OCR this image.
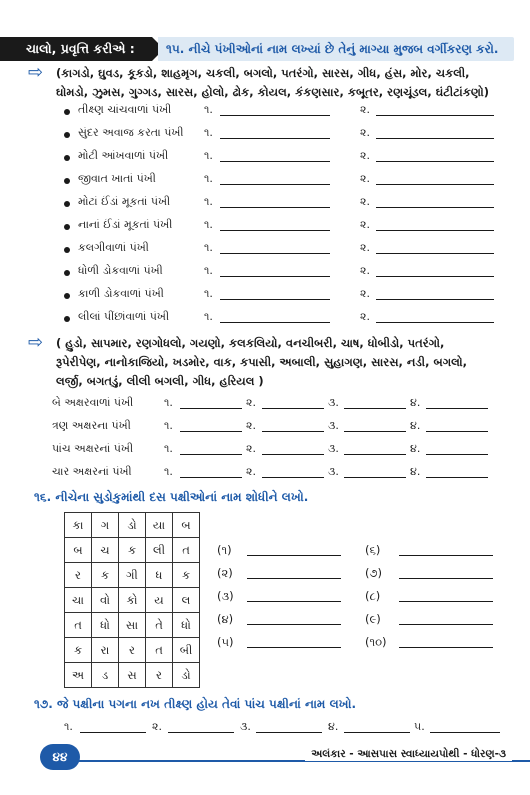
ચાલો, પ્રવૃત્તિ કરીએ :	૧૫. નીચે પંખીઓનાં નામ લખ્યાં છે તેનું માગ્યા મુજબ વર્ગીકરણ કરો.
⇨ (કાગડો, ઘુવડ, કૂકડો, શાહમૃગ, ચકલી, બગલો, પતરંગો, સારસ, ગીધ, હંસ, મોર, ચકલી,
ઘોમડો, ઝુમસ, ગુગ્ગડ, સારસ, હોલો, ઢોક, કોયલ, કંકણસાર, કબૂતર, રણચૂંડલ, ઘંટીટાંકણો)
તીક્ષ્ણ ચાંચવાળાં પંખી	૧.	૨.
સુંદર અવાજ કરતા પંખી ૧.	૨.
મોટી આંખવાળાં પંખી	૧.	૨.
જીવાત ખાતાં પંખી	૧.	૨.
મોટાં ઈંડાં મૂકતાં પંખી	૧.	૨.
નાનાં ઈંડાં મૂકતાં પંખી	૧.	૨.
કલગીવાળાં પંખી	૧.	૨.
ધોળી ડોકવાળાં પંખી	૧.	૨.
કાળી ડોકવાળાં પંખી	૧.	૨.
લીલાં પીંછાંવાળાં પંખી	૧.	૨.
⇨ ( હુડો, સાપમાર, રણગોધલો, ગયણો, કલકલિયો, વનચીબરી, ચાષ, ધોબીડો, પતરંગો,
રૂપેરીપેણ, નાનોકાજિયો, ખડમોર, વાક, કપાસી, અબાલી, સુહાગણ, સારસ, નડી, બગલો,
લર્જી, બગતડું, લીલી બગલી, ગીધ, હરિયલ )
બે અક્ષરવાળાં પંખી	૧.	૨.	૩.	૪.
ત્રણ અક્ષરના પંખી	૧.	૨.	૩.	૪.
પાંચ અક્ષરનાં પંખી	૧.	૨.	૩.	૪.
ચાર અક્ષરનાં પંખી	૧.	૨.	૩.	૪.
૧૬. નીચેના સુડોકુમાંથી દસ પક્ષીઓનાં નામ શોધીને લખો.
કા	ગ	ડો	યા	બ
બ	ચ	ક	લી	ત
ર	ક	ગી	ધ	ક
ચા	વો	કો	ય	લ
ત	ધો	સા	તે	ધો
ક	રા	ર	ત	બી
અ	ડ	સ	ર	ડો
(૧)	(૬)
(૨)	(૭)
(૩)	(૮)
(૪)	(૯)
(૫)	(૧૦)
૧૭. જે પક્ષીના પગના નખ તીક્ષ્ણ હોય તેવાં પાંચ પક્ષીનાં નામ લખો.
૧.	૨.	૩.	૪.	૫.
૪૪	અલંકાર - આસપાસ સ્વાધ્યાયપોથી - ધોરણ-૩
